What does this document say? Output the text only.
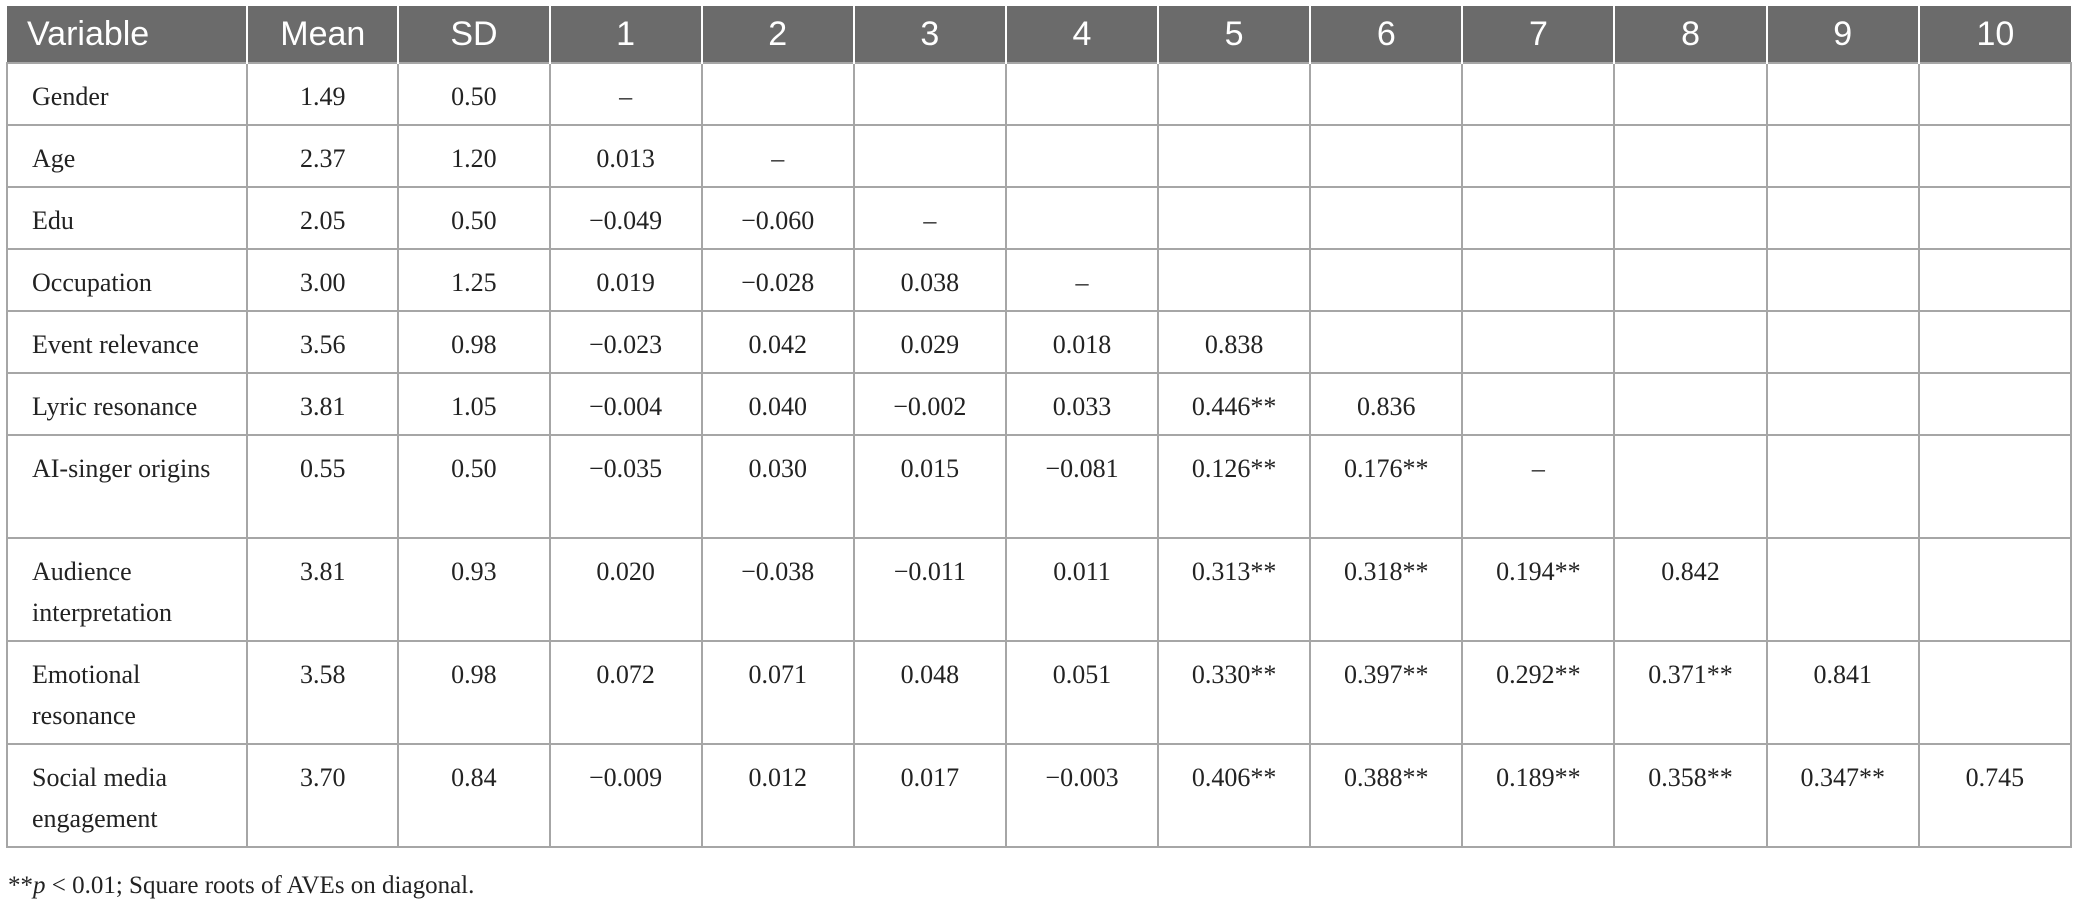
Variable	Mean	SD	1	2	3	4	5	6	7	8	9	10
Gender	1.49	0.50	–									
Age	2.37	1.20	0.013	–								
Edu	2.05	0.50	−0.049	−0.060	–							
Occupation	3.00	1.25	0.019	−0.028	0.038	–						
Event relevance	3.56	0.98	−0.023	0.042	0.029	0.018	0.838					
Lyric resonance	3.81	1.05	−0.004	0.040	−0.002	0.033	0.446**	0.836				
AI-singer origins	0.55	0.50	−0.035	0.030	0.015	−0.081	0.126**	0.176**	–			
Audience interpretation	3.81	0.93	0.020	−0.038	−0.011	0.011	0.313**	0.318**	0.194**	0.842		
Emotional resonance	3.58	0.98	0.072	0.071	0.048	0.051	0.330**	0.397**	0.292**	0.371**	0.841	
Social media engagement	3.70	0.84	−0.009	0.012	0.017	−0.003	0.406**	0.388**	0.189**	0.358**	0.347**	0.745
**p < 0.01; Square roots of AVEs on diagonal.
